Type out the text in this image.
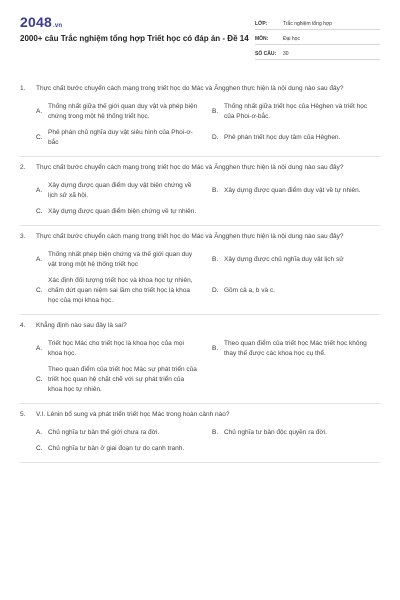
2048.vn
2000+ câu Trắc nghiệm tổng hợp Triết học có đáp án - Đề 14
LỚP:	Trắc nghiệm tổng hợp
MÔN:	Đại học
SỐ CÂU:	30
1.	Thực chất bước chuyển cách mạng trong triết học do Mác và Ăngghen thực hiện là nội dung nào sau đây?
A.
Thống nhất giữa thế giới quan duy vật và phép biện chứng trong một hệ thống triết học.
B.
Thống nhất giữa triết học của Hêghen và triết học của Phoi-ơ-bắc.
C.
Phê phán chủ nghĩa duy vật siêu hình của Phoi-ơ-bắc
D. Phê phán triết học duy tâm của Hêghen.
2.	Thực chất bước chuyển cách mạng trong triết học do Mác và Ăngghen thực hiện là nội dung nào sau đây?
A.
Xây dựng được quan điểm duy vật biện chứng về lịch sử xã hội.
B. Xây dựng được quan điểm duy vật về tự nhiên.
C. Xây dựng được quan điểm biện chứng về tự nhiên.
3.	Thực chất bước chuyển cách mạng trong triết học do Mác và Ăngghen thực hiện là nội dung nào sau đây?
A.
Thống nhất phép biện chứng và thế giới quan duy vật trong một hệ thống triết học
B. Xây dựng được chủ nghĩa duy vật lịch sử
C.
Xác định đối tượng triết học và khoa học tự nhiên, chấm dứt quan niệm sai lầm cho triết học là khoa học của mọi khoa học.
D. Gồm cả a, b và c.
4.	Khẳng định nào sau đây là sai?
A.
Triết học Mác cho triết học là khoa học của mọi khoa học.
B.
Theo quan điểm của triết học Mác triết học không thay thế được các khoa học cụ thể.
C.
Theo quan điểm của triết học Mác sự phát triển của triết học quan hệ chặt chẽ với sự phát triển của khoa học tự nhiên.
5.	V.I. Lênin bổ sung và phát triển triết học Mác trong hoàn cảnh nào?
A. Chủ nghĩa tư bản thế giới chưa ra đời.	B. Chủ nghĩa tư bản độc quyền ra đời.
C. Chủ nghĩa tư bản ở giai đoạn tự do cạnh tranh.
